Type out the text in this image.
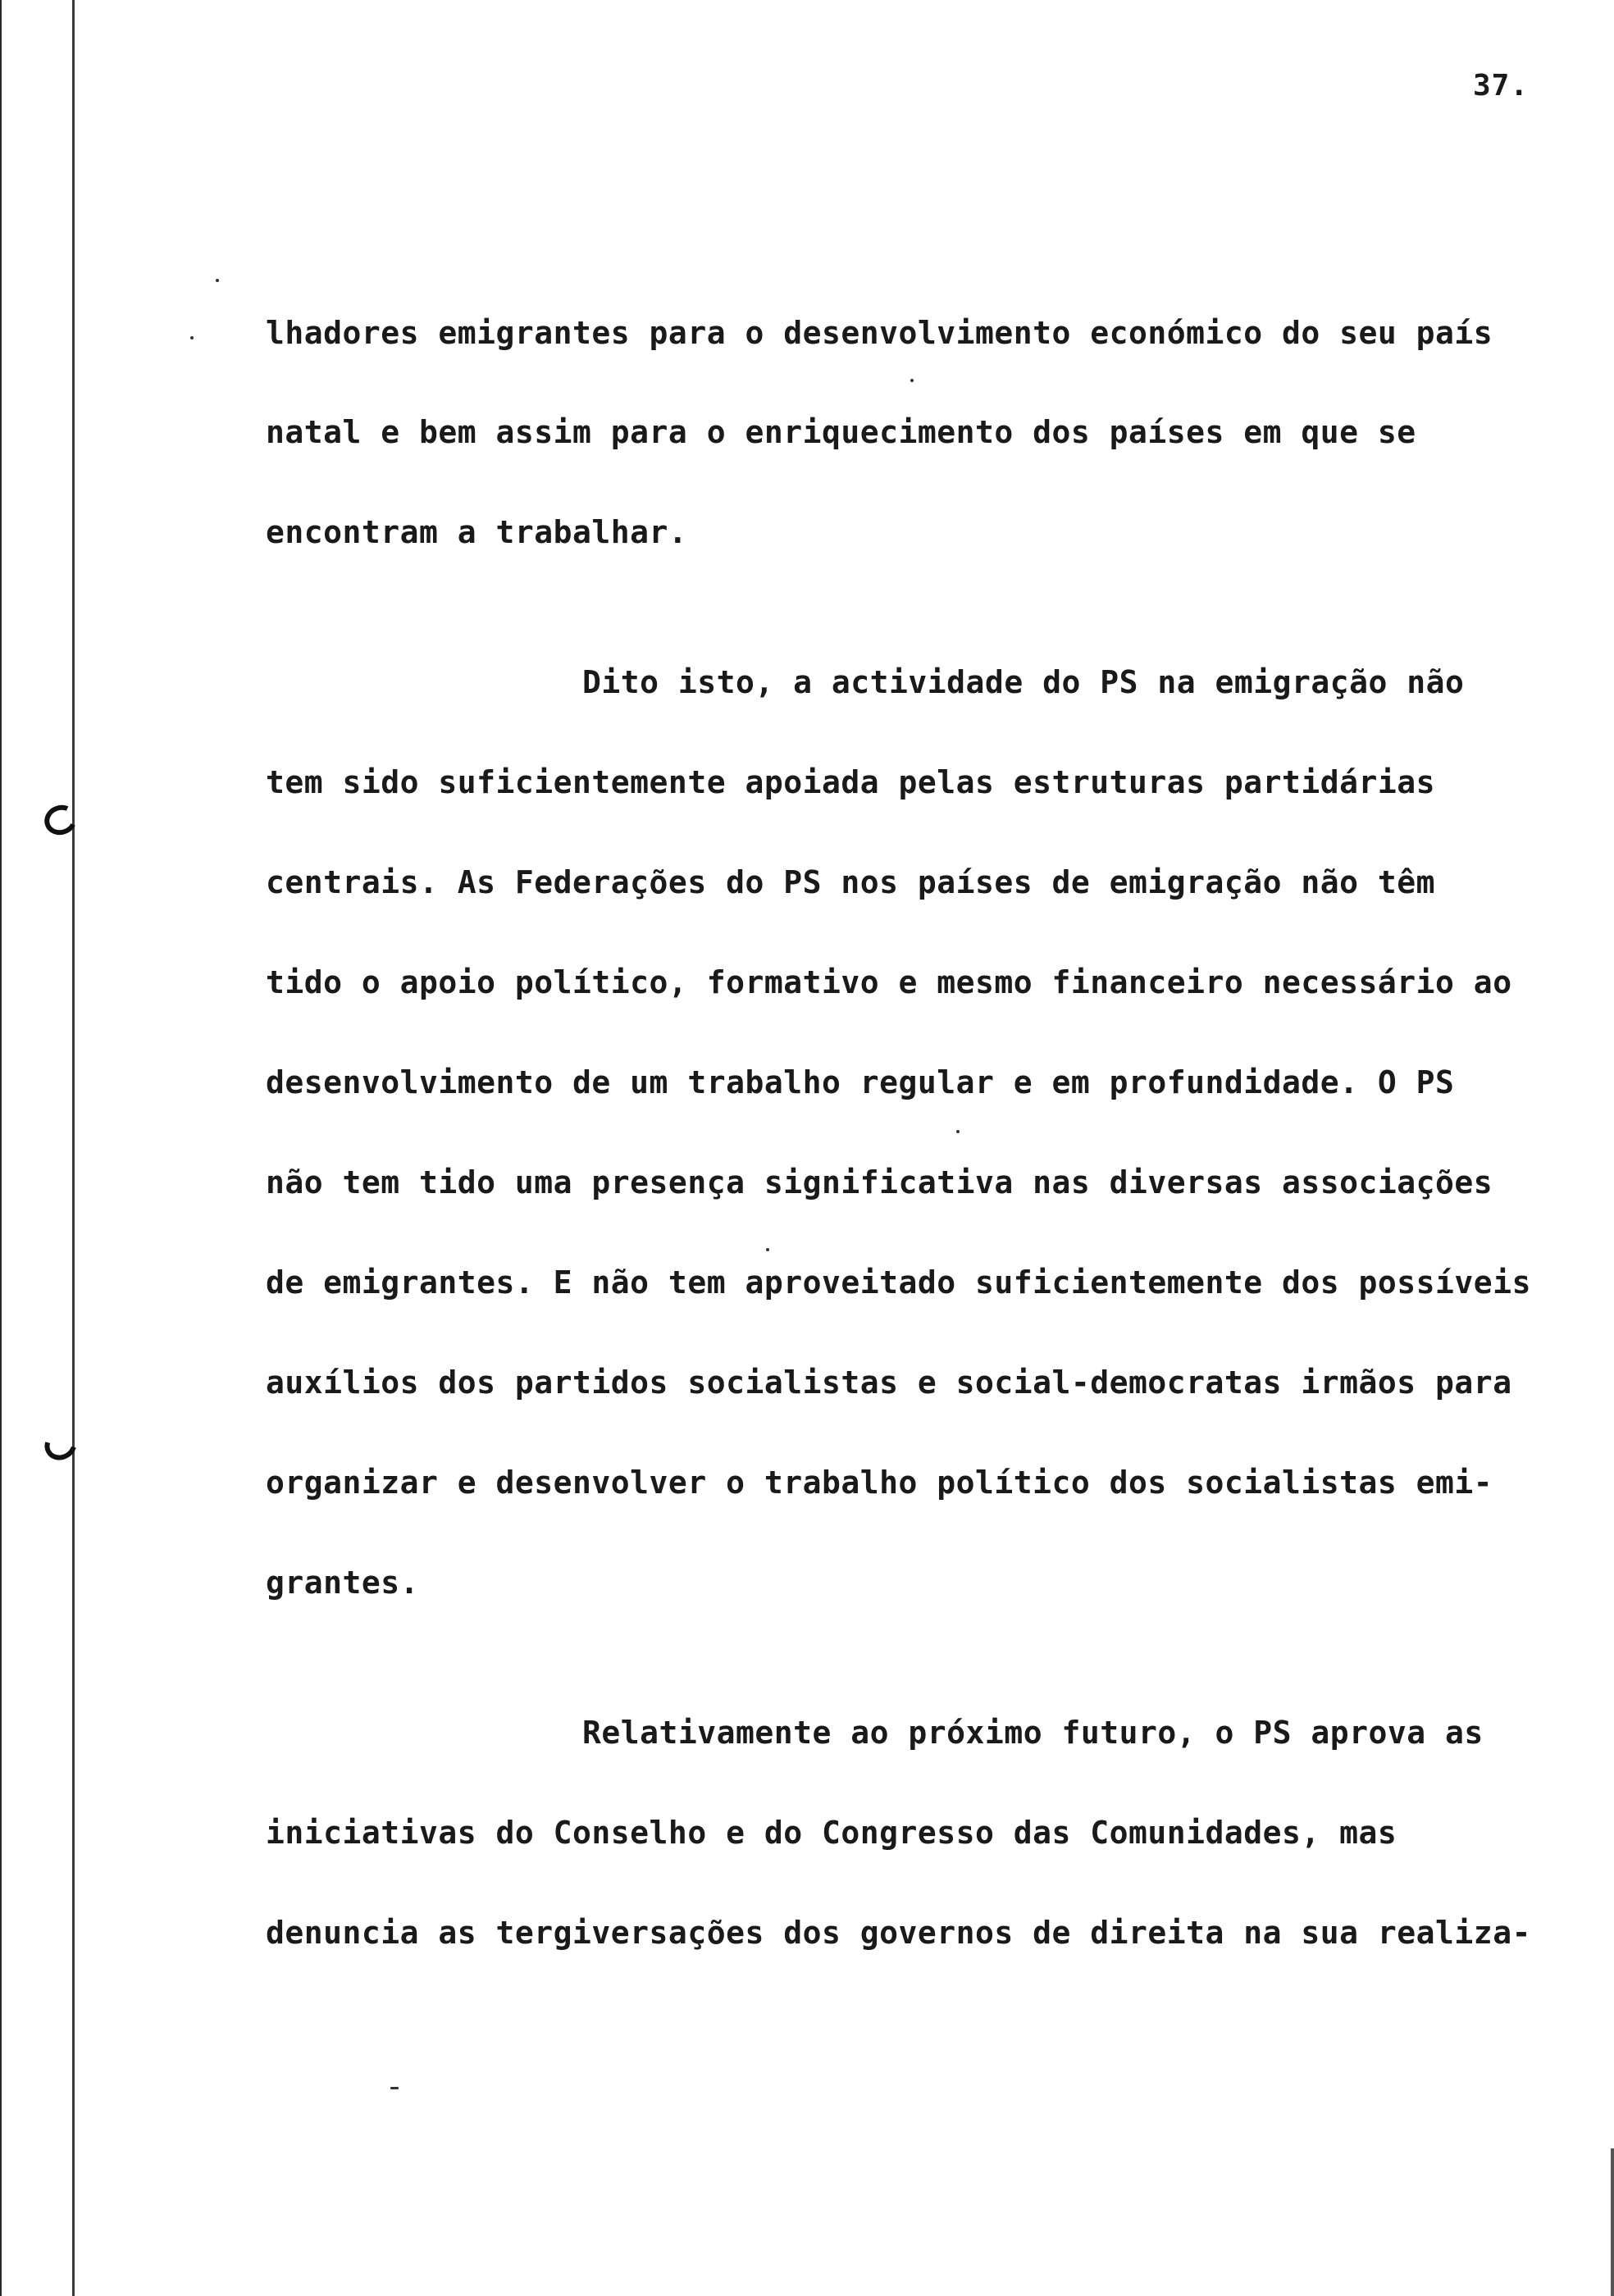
37.
lhadores emigrantes para o desenvolvimento económico do seu país
natal e bem assim para o enriquecimento dos países em que se
encontram a trabalhar.
Dito isto, a actividade do PS na emigração não
tem sido suficientemente apoiada pelas estruturas partidárias
centrais. As Federações do PS nos países de emigração não têm
tido o apoio político, formativo e mesmo financeiro necessário ao
desenvolvimento de um trabalho regular e em profundidade. O PS
não tem tido uma presença significativa nas diversas associações
de emigrantes. E não tem aproveitado suficientemente dos possíveis
auxílios dos partidos socialistas e social-democratas irmãos para
organizar e desenvolver o trabalho político dos socialistas emi-
grantes.
Relativamente ao próximo futuro, o PS aprova as
iniciativas do Conselho e do Congresso das Comunidades, mas
denuncia as tergiversações dos governos de direita na sua realiza-
